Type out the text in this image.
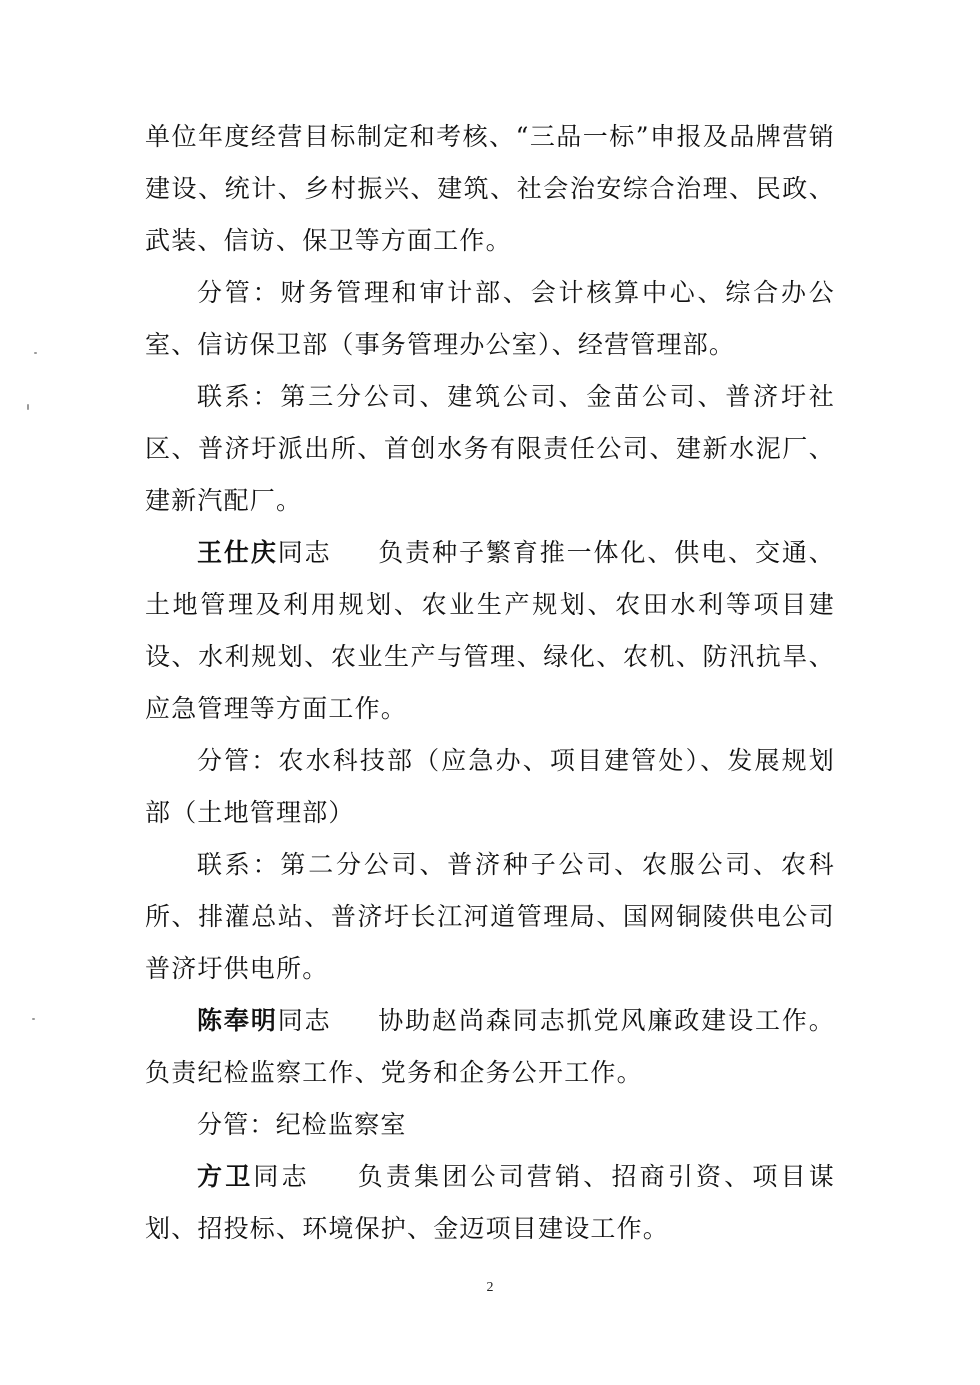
单位年度经营目标制定和考核、“三品一标”申报及品牌营销建设、统计、乡村振兴、建筑、社会治安综合治理、民政、武装、信访、保卫等方面工作。

分管：财务管理和审计部、会计核算中心、综合办公室、信访保卫部（事务管理办公室）、经营管理部。

联系：第三分公司、建筑公司、金苗公司、普济圩社区、普济圩派出所、首创水务有限责任公司、建新水泥厂、建新汽配厂。

王仕庆同志 负责种子繁育推一体化、供电、交通、土地管理及利用规划、农业生产规划、农田水利等项目建设、水利规划、农业生产与管理、绿化、农机、防汛抗旱、应急管理等方面工作。

分管：农水科技部（应急办、项目建管处）、发展规划部（土地管理部）

联系：第二分公司、普济种子公司、农服公司、农科所、排灌总站、普济圩长江河道管理局、国网铜陵供电公司普济圩供电所。

陈奉明同志 协助赵尚森同志抓党风廉政建设工作。负责纪检监察工作、党务和企务公开工作。

分管：纪检监察室

方卫同志 负责集团公司营销、招商引资、项目谋划、招投标、环境保护、金迈项目建设工作。

2
